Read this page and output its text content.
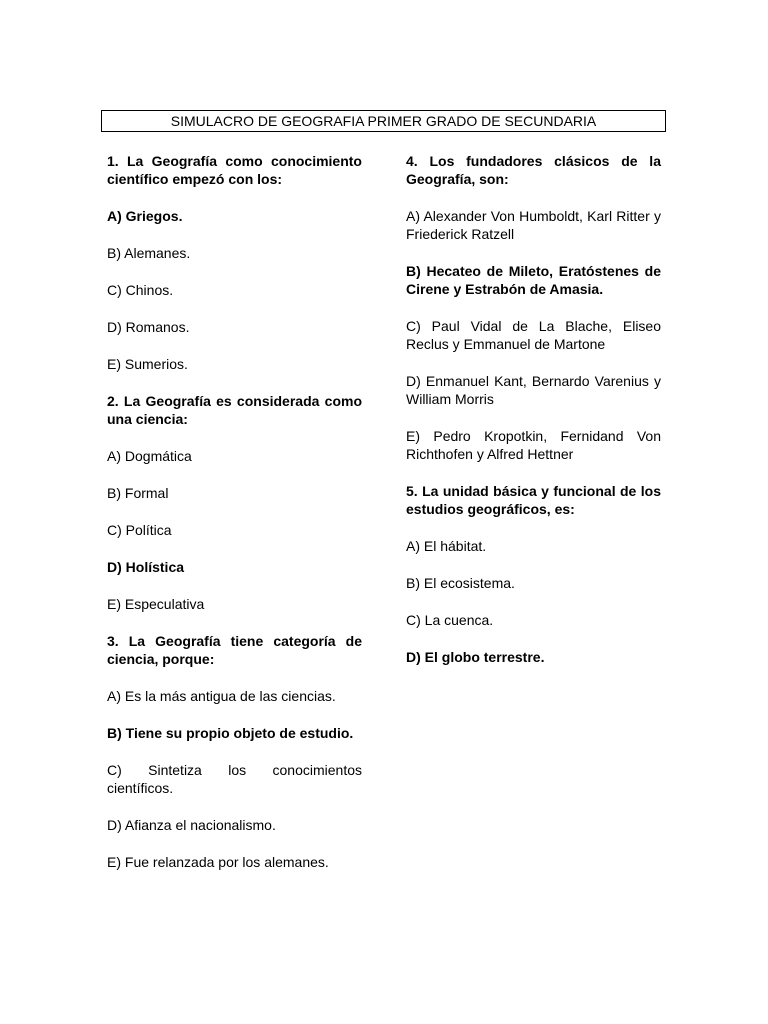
SIMULACRO DE GEOGRAFIA PRIMER GRADO DE SECUNDARIA

1. La Geografía como conocimiento científico empezó con los:

A) Griegos.

B) Alemanes.

C) Chinos.

D) Romanos.

E) Sumerios.

2. La Geografía es considerada como una ciencia:

A) Dogmática

B) Formal

C) Política

D) Holística

E) Especulativa

3. La Geografía tiene categoría de ciencia, porque:

A) Es la más antigua de las ciencias.

B) Tiene su propio objeto de estudio.

C) Sintetiza los conocimientos científicos.

D) Afianza el nacionalismo.

E) Fue relanzada por los alemanes.

4. Los fundadores clásicos de la Geografía, son:

A) Alexander Von Humboldt, Karl Ritter y Friederick Ratzell

B) Hecateo de Mileto, Eratóstenes de Cirene y Estrabón de Amasia.

C) Paul Vidal de La Blache, Eliseo Reclus y Emmanuel de Martone

D) Enmanuel Kant, Bernardo Varenius y William Morris

E) Pedro Kropotkin, Fernidand Von Richthofen y Alfred Hettner

5. La unidad básica y funcional de los estudios geográficos, es:

A) El hábitat.

B) El ecosistema.

C) La cuenca.

D) El globo terrestre.
